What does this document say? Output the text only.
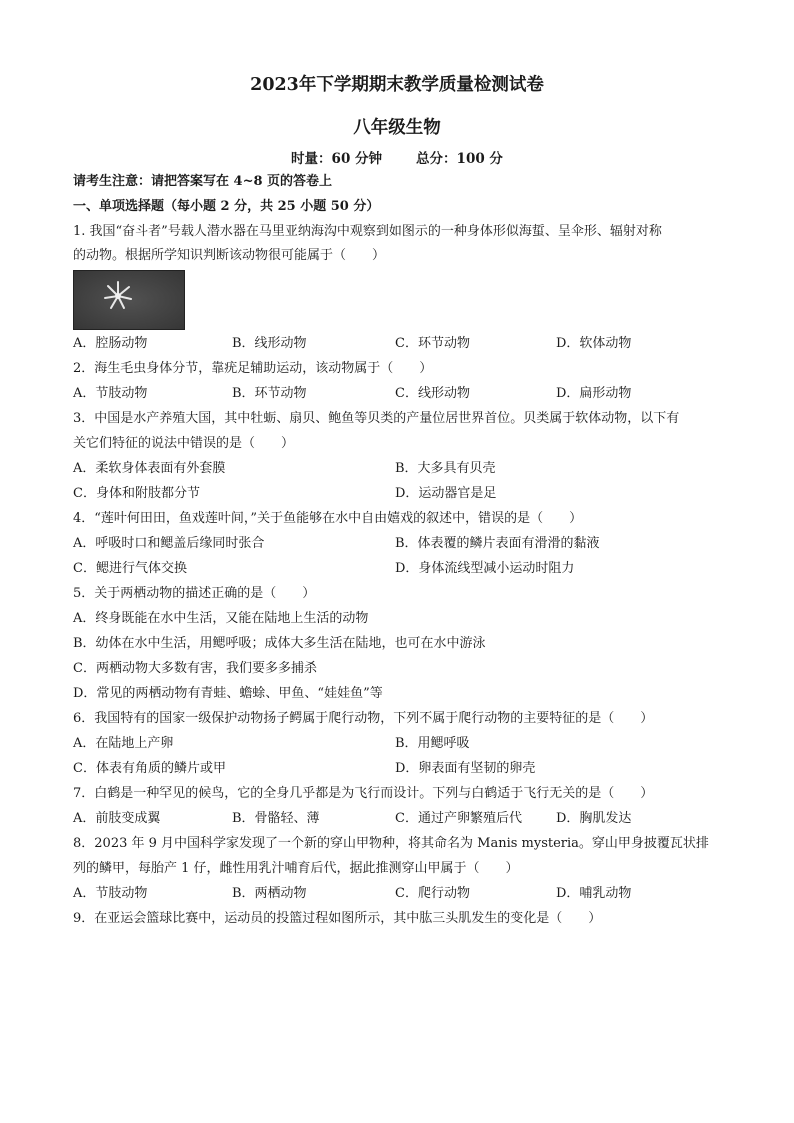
2023年下学期期末教学质量检测试卷
八年级生物
时量：60 分钟	总分：100 分

请考生注意：请把答案写在 4~8 页的答卷上

一、单项选择题（每小题 2 分，共 25 小题 50 分）

1. 我国“奋斗者”号载人潜水器在马里亚纳海沟中观察到如图示的一种身体形似海蜇、呈伞形、辐射对称

的动物。根据所学知识判断该动物很可能属于（　　）

A．腔肠动物	B．线形动物	C．环节动物	D．软体动物

2．海生毛虫身体分节，靠疣足辅助运动，该动物属于（　　）

A．节肢动物	B．环节动物	C．线形动物	D．扁形动物

3．中国是水产养殖大国，其中牡蛎、扇贝、鲍鱼等贝类的产量位居世界首位。贝类属于软体动物，以下有

关它们特征的说法中错误的是（　　）

A．柔软身体表面有外套膜	B．大多具有贝壳

C．身体和附肢都分节	D．运动器官是足

4．“莲叶何田田，鱼戏莲叶间，”关于鱼能够在水中自由嬉戏的叙述中，错误的是（　　）

A．呼吸时口和鳃盖后缘同时张合	B．体表覆的鳞片表面有滑滑的黏液

C．鳃进行气体交换	D．身体流线型减小运动时阻力

5．关于两栖动物的描述正确的是（　　）

A．终身既能在水中生活，又能在陆地上生活的动物

B．幼体在水中生活，用鳃呼吸；成体大多生活在陆地，也可在水中游泳

C．两栖动物大多数有害，我们要多多捕杀

D．常见的两栖动物有青蛙、蟾蜍、甲鱼、“娃娃鱼”等

6．我国特有的国家一级保护动物扬子鳄属于爬行动物，下列不属于爬行动物的主要特征的是（　　）

A．在陆地上产卵	B．用鳃呼吸

C．体表有角质的鳞片或甲	D．卵表面有坚韧的卵壳

7．白鹤是一种罕见的候鸟，它的全身几乎都是为飞行而设计。下列与白鹤适于飞行无关的是（　　）

A．前肢变成翼	B．骨骼轻、薄	C．通过产卵繁殖后代	D．胸肌发达

8．2023 年 9 月中国科学家发现了一个新的穿山甲物种，将其命名为 Manis mysteria。穿山甲身披覆瓦状排

列的鳞甲，每胎产 1 仔，雌性用乳汁哺育后代，据此推测穿山甲属于（　　）

A．节肢动物	B．两栖动物	C．爬行动物	D．哺乳动物

9．在亚运会篮球比赛中，运动员的投篮过程如图所示，其中肱三头肌发生的变化是（　　）
